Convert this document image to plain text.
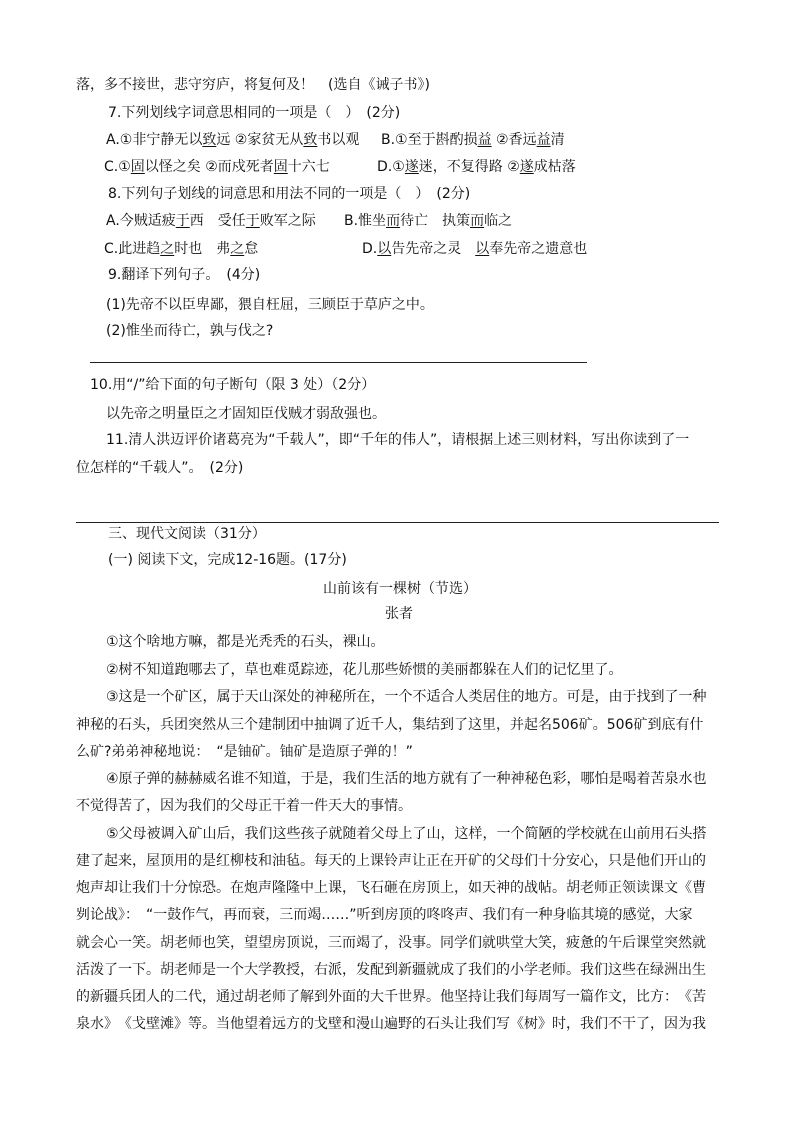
落，多不接世，悲守穷庐，将复何及！　(选自《诫子书》)
7.下列划线字词意思相同的一项是（　）　(2分)
A.①非宁静无以致远 ②家贫无从致书以观 B.①至于斟酌损益 ②香远益清
C.①固以怪之矣 ②而戍死者固十六七	D.①遂迷，不复得路 ②遂成枯落
8.下列句子划线的词意思和用法不同的一项是（　）　(2分)
A.今贼适疲于西　受任于败军之际 B.惟坐而待亡　执策而临之
C.此进趋之时也　弗之怠	D.以告先帝之灵　以奉先帝之遗意也
9.翻译下列句子。　(4分)
(1)先帝不以臣卑鄙，猥自枉屈，三顾臣于草庐之中。
(2)惟坐而待亡，孰与伐之?
10.用“/”给下面的句子断句（限 3 处）（2分）
以先帝之明量臣之才固知臣伐贼才弱敌强也。
11.清人洪迈评价诸葛亮为“千载人”，即“千年的伟人”，请根据上述三则材料，写出你读到了一
位怎样的“千载人”。　(2分)
三、现代文阅读（31分）
(一) 阅读下文，完成12-16题。(17分)
山前该有一棵树（节选）
张者
①这个啥地方嘛，都是光秃秃的石头，裸山。
②树不知道跑哪去了，草也难觅踪迹，花儿那些娇惯的美丽都躲在人们的记忆里了。
③这是一个矿区，属于天山深处的神秘所在，一个不适合人类居住的地方。可是，由于找到了一种
神秘的石头，兵团突然从三个建制团中抽调了近千人，集结到了这里，并起名506矿。506矿到底有什
么矿?弟弟神秘地说：　“是铀矿。铀矿是造原子弹的！”
④原子弹的赫赫威名谁不知道，于是，我们生活的地方就有了一种神秘色彩，哪怕是喝着苦泉水也
不觉得苦了，因为我们的父母正干着一件天大的事情。
⑤父母被调入矿山后，我们这些孩子就随着父母上了山，这样，一个简陋的学校就在山前用石头搭
建了起来，屋顶用的是红柳枝和油毡。每天的上课铃声让正在开矿的父母们十分安心，只是他们开山的
炮声却让我们十分惊恐。在炮声隆隆中上课，飞石砸在房顶上，如天神的战帖。胡老师正领读课文《曹
刿论战》：　“一鼓作气，再而衰，三而竭……”听到房顶的咚咚声、我们有一种身临其境的感觉，大家
就会心一笑。胡老师也笑，望望房顶说，三而竭了，没事。同学们就哄堂大笑，疲惫的午后课堂突然就
活泼了一下。胡老师是一个大学教授，右派，发配到新疆就成了我们的小学老师。我们这些在绿洲出生
的新疆兵团人的二代，通过胡老师了解到外面的大千世界。他坚持让我们每周写一篇作文，比方：　《苦
泉水》　《戈壁滩》等。当他望着远方的戈壁和漫山遍野的石头让我们写《树》时，我们不干了，因为我
